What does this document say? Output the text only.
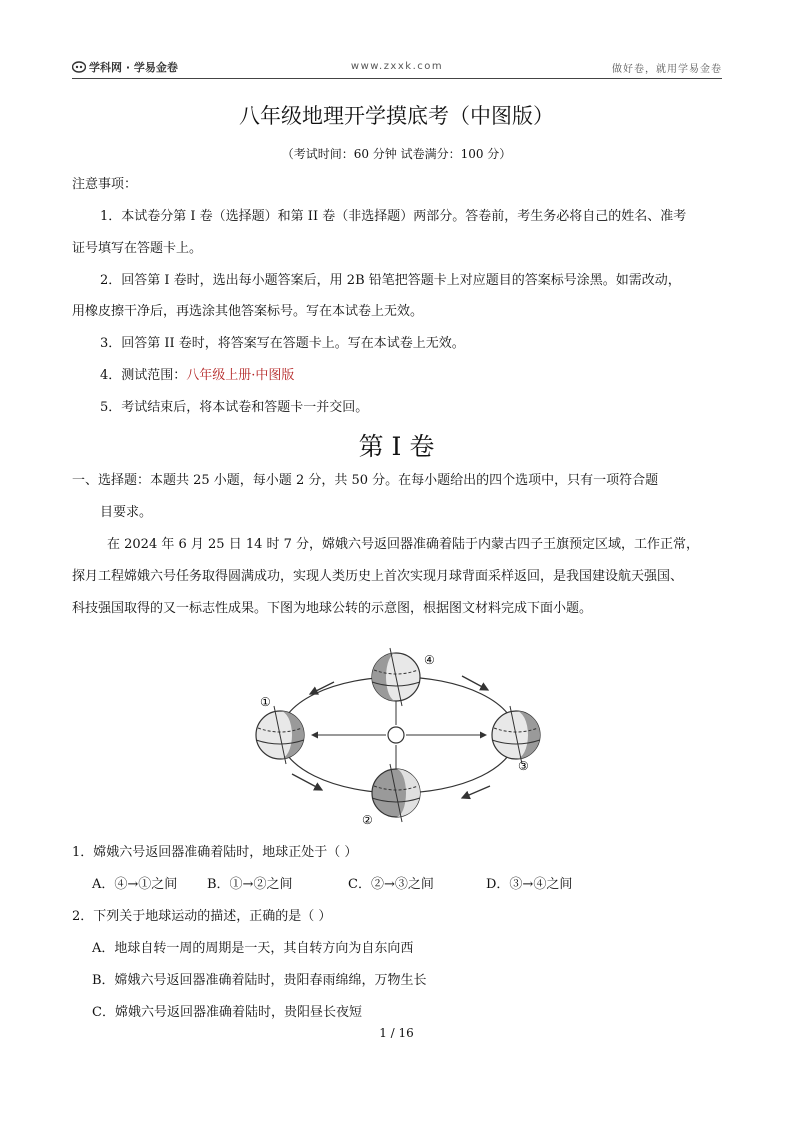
学科网 · 学易金卷	www.zxxk.com	做好卷，就用学易金卷
八年级地理开学摸底考（中图版）
（考试时间：60 分钟 试卷满分：100 分）
注意事项：
1．本试卷分第 I 卷（选择题）和第 II 卷（非选择题）两部分。答卷前，考生务必将自己的姓名、准考
证号填写在答题卡上。
2．回答第 I 卷时，选出每小题答案后，用 2B 铅笔把答题卡上对应题目的答案标号涂黑。如需改动，
用橡皮擦干净后，再选涂其他答案标号。写在本试卷上无效。
3．回答第 II 卷时，将答案写在答题卡上。写在本试卷上无效。
4．测试范围：八年级上册·中图版
5．考试结束后，将本试卷和答题卡一并交回。
第 I 卷
一、选择题：本题共 25 小题，每小题 2 分，共 50 分。在每小题给出的四个选项中，只有一项符合题
目要求。
在 2024 年 6 月 25 日 14 时 7 分，嫦娥六号返回器准确着陆于内蒙古四子王旗预定区域，工作正常，
探月工程嫦娥六号任务取得圆满成功，实现人类历史上首次实现月球背面采样返回，是我国建设航天强国、
科技强国取得的又一标志性成果。下图为地球公转的示意图，根据图文材料完成下面小题。
④
①
③
②
1．嫦娥六号返回器准确着陆时，地球正处于（ ）
A．④→①之间 B．①→②之间	C．②→③之间	D．③→④之间
2．下列关于地球运动的描述，正确的是（ ）
A．地球自转一周的周期是一天，其自转方向为自东向西
B．嫦娥六号返回器准确着陆时，贵阳春雨绵绵，万物生长
C．嫦娥六号返回器准确着陆时，贵阳昼长夜短
1 / 16
